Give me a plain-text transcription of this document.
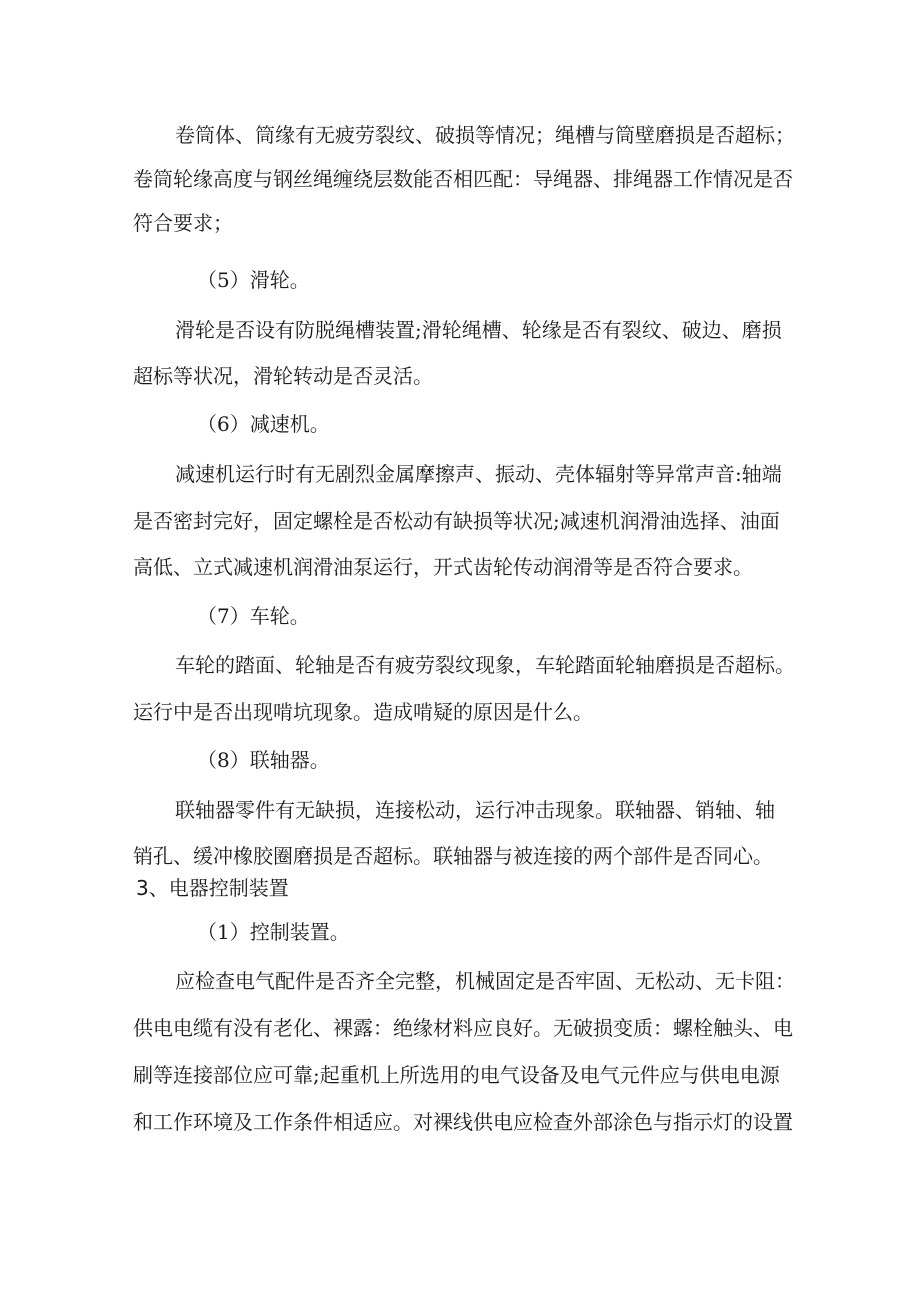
卷筒体、筒缘有无疲劳裂纹、破损等情况；绳槽与筒壁磨损是否超标；
卷筒轮缘高度与钢丝绳缠绕层数能否相匹配：导绳器、排绳器工作情况是否
符合要求；
（5）滑轮。
滑轮是否设有防脱绳槽装置;滑轮绳槽、轮缘是否有裂纹、破边、磨损
超标等状况，滑轮转动是否灵活。
（6）减速机。
减速机运行时有无剧烈金属摩擦声、振动、壳体辐射等异常声音:轴端
是否密封完好，固定螺栓是否松动有缺损等状况;减速机润滑油选择、油面
高低、立式减速机润滑油泵运行，开式齿轮传动润滑等是否符合要求。
（7）车轮。
车轮的踏面、轮轴是否有疲劳裂纹现象，车轮踏面轮轴磨损是否超标。
运行中是否出现啃坑现象。造成啃疑的原因是什么。
（8）联轴器。
联轴器零件有无缺损，连接松动，运行冲击现象。联轴器、销轴、轴
销孔、缓冲橡胶圈磨损是否超标。联轴器与被连接的两个部件是否同心。
3、电器控制装置
（1）控制装置。
应检查电气配件是否齐全完整，机械固定是否牢固、无松动、无卡阻：
供电电缆有没有老化、裸露：绝缘材料应良好。无破损变质：螺栓触头、电
刷等连接部位应可靠;起重机上所选用的电气设备及电气元件应与供电电源
和工作环境及工作条件相适应。对裸线供电应检查外部涂色与指示灯的设置
